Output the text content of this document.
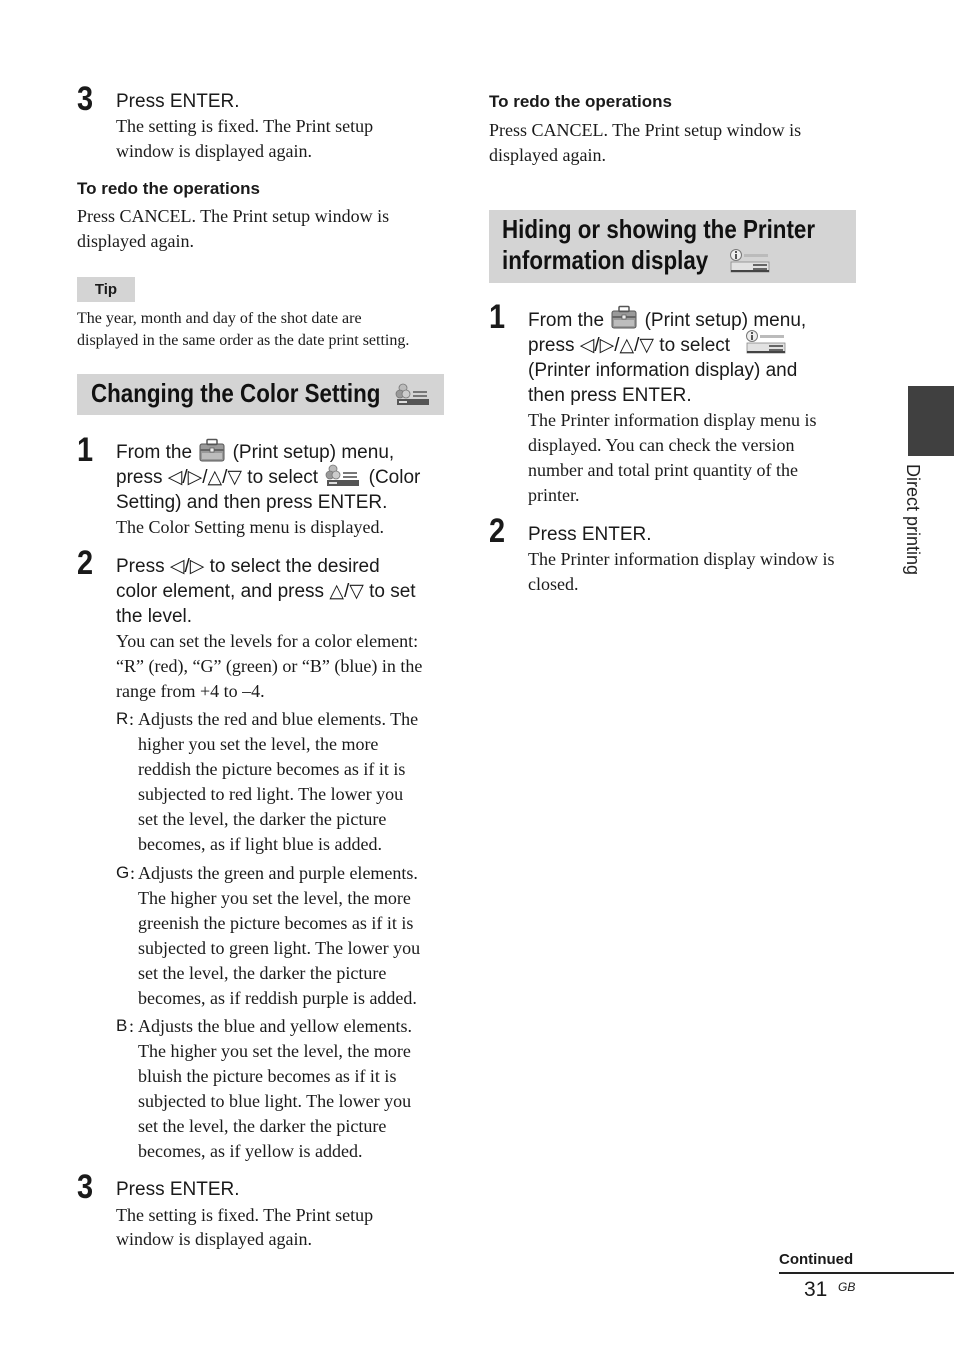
3 Press ENTER.
The setting is fixed. The Print setup
window is displayed again.
To redo the operations
Press CANCEL. The Print setup window is
displayed again.
Tip
The year, month and day of the shot date are
displayed in the same order as the date print setting.
Changing the Color Setting
1 From the (Print setup) menu,
press ◁/▷/△/▽ to select	(Color
Setting) and then press ENTER.
The Color Setting menu is displayed.
2 Press ◁/▷ to select the desired
color element, and press △/▽ to set
the level.
You can set the levels for a color element:
“R” (red), “G” (green) or “B” (blue) in the
range from +4 to –4.
R : Adjusts the red and blue elements. The
higher you set the level, the more
reddish the picture becomes as if it is
subjected to red light. The lower you
set the level, the darker the picture
becomes, as if light blue is added.
G : Adjusts the green and purple elements.
The higher you set the level, the more
greenish the picture becomes as if it is
subjected to green light. The lower you
set the level, the darker the picture
becomes, as if reddish purple is added.
B : Adjusts the blue and yellow elements.
The higher you set the level, the more
bluish the picture becomes as if it is
subjected to blue light. The lower you
set the level, the darker the picture
becomes, as if yellow is added.
3 Press ENTER.
The setting is fixed. The Print setup
window is displayed again.
To redo the operations
Press CANCEL. The Print setup window is
displayed again.
Hiding or showing the Printer
information display
1 From the (Print setup) menu,
press ◁/▷/△/▽ to select
(Printer information display) and
then press ENTER.
The Printer information display menu is
displayed. You can check the version
number and total print quantity of the
printer.
2 Press ENTER.
The Printer information display window is
closed.
Direct printing
Continued
31 GB
